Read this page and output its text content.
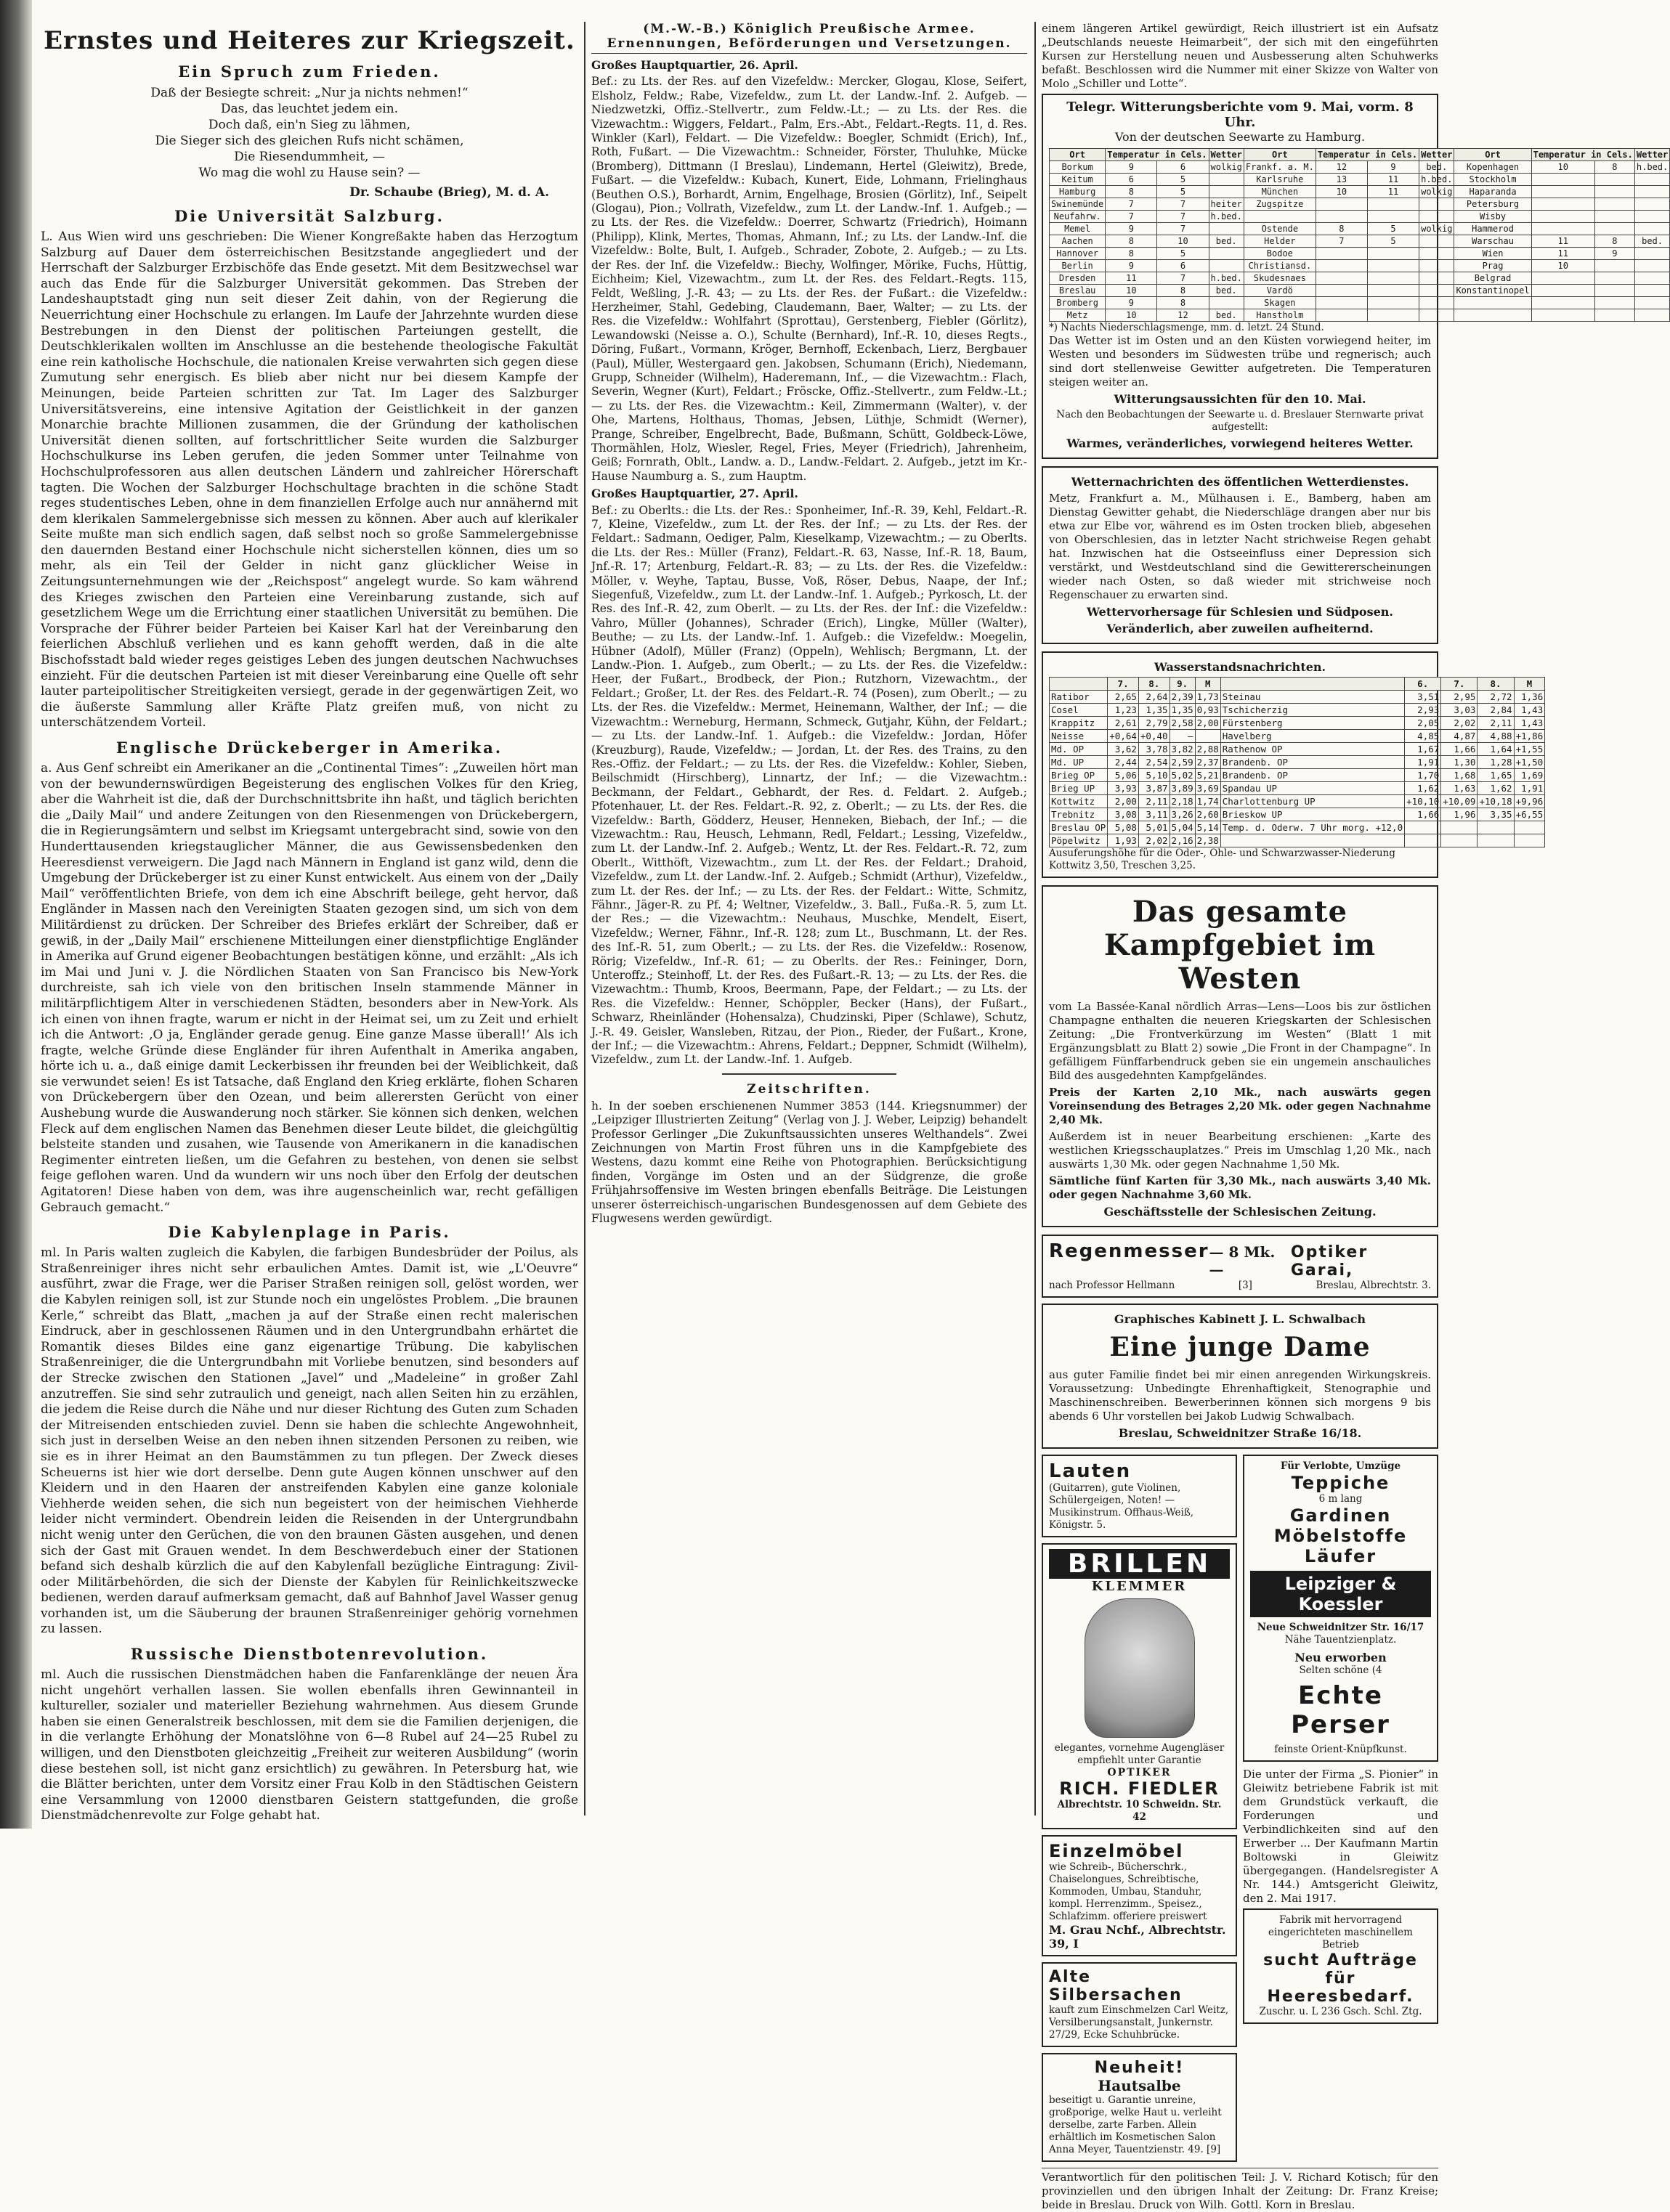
Ernstes und Heiteres zur Kriegszeit.
Ein Spruch zum Frieden.
Daß der Besiegte schreit: „Nur ja nichts nehmen!“
Das, das leuchtet jedem ein.
Doch daß, ein'n Sieg zu lähmen,
Die Sieger sich des gleichen Rufs nicht schämen,
Die Riesendummheit, —
Wo mag die wohl zu Hause sein? —
Dr. Schaube (Brieg), M. d. A.
Die Universität Salzburg.

L. Aus Wien wird uns geschrieben: Die Wiener Kongreßakte haben das Herzogtum Salzburg auf Dauer dem österreichischen Besitzstande angegliedert und der Herrschaft der Salzburger Erzbischöfe das Ende gesetzt. Mit dem Besitzwechsel war auch das Ende für die Salzburger Universität gekommen. Das Streben der Landeshauptstadt ging nun seit dieser Zeit dahin, von der Regierung die Neuerrichtung einer Hochschule zu erlangen. Im Laufe der Jahrzehnte wurden diese Bestrebungen in den Dienst der politischen Parteiungen gestellt, die Deutschklerikalen wollten im Anschlusse an die bestehende theologische Fakultät eine rein katholische Hochschule, die nationalen Kreise verwahrten sich gegen diese Zumutung sehr energisch. Es blieb aber nicht nur bei diesem Kampfe der Meinungen, beide Parteien schritten zur Tat. Im Lager des Salzburger Universitätsvereins, eine intensive Agitation der Geistlichkeit in der ganzen Monarchie brachte Millionen zusammen, die der Gründung der katholischen Universität dienen sollten, auf fortschrittlicher Seite wurden die Salzburger Hochschulkurse ins Leben gerufen, die jeden Sommer unter Teilnahme von Hochschulprofessoren aus allen deutschen Ländern und zahlreicher Hörerschaft tagten. Die Wochen der Salzburger Hochschultage brachten in die schöne Stadt reges studentisches Leben, ohne in dem finanziellen Erfolge auch nur annähernd mit dem klerikalen Sammelergebnisse sich messen zu können. Aber auch auf klerikaler Seite mußte man sich endlich sagen, daß selbst noch so große Sammelergebnisse den dauernden Bestand einer Hochschule nicht sicherstellen können, dies um so mehr, als ein Teil der Gelder in nicht ganz glücklicher Weise in Zeitungsunternehmungen wie der „Reichspost“ angelegt wurde. So kam während des Krieges zwischen den Parteien eine Vereinbarung zustande, sich auf gesetzlichem Wege um die Errichtung einer staatlichen Universität zu bemühen. Die Vorsprache der Führer beider Parteien bei Kaiser Karl hat der Vereinbarung den feierlichen Abschluß verliehen und es kann gehofft werden, daß in die alte Bischofsstadt bald wieder reges geistiges Leben des jungen deutschen Nachwuchses einzieht. Für die deutschen Parteien ist mit dieser Vereinbarung eine Quelle oft sehr lauter parteipolitischer Streitigkeiten versiegt, gerade in der gegenwärtigen Zeit, wo die äußerste Sammlung aller Kräfte Platz greifen muß, von nicht zu unterschätzendem Vorteil.

Englische Drückeberger in Amerika.

a. Aus Genf schreibt ein Amerikaner an die „Continental Times“: „Zuweilen hört man von der bewundernswürdigen Begeisterung des englischen Volkes für den Krieg, aber die Wahrheit ist die, daß der Durchschnittsbrite ihn haßt, und täglich berichten die „Daily Mail“ und andere Zeitungen von den Riesenmengen von Drückebergern, die in Regierungsämtern und selbst im Kriegsamt untergebracht sind, sowie von den Hunderttausenden kriegstauglicher Männer, die aus Gewissensbedenken den Heeresdienst verweigern. Die Jagd nach Männern in England ist ganz wild, denn die Umgebung der Drückeberger ist zu einer Kunst entwickelt. Aus einem von der „Daily Mail“ veröffentlichten Briefe, von dem ich eine Abschrift beilege, geht hervor, daß Engländer in Massen nach den Vereinigten Staaten gezogen sind, um sich von dem Militärdienst zu drücken. Der Schreiber des Briefes erklärt der Schreiber, daß er gewiß, in der „Daily Mail“ erschienene Mitteilungen einer dienstpflichtige Engländer in Amerika auf Grund eigener Beobachtungen bestätigen könne, und erzählt: „Als ich im Mai und Juni v. J. die Nördlichen Staaten von San Francisco bis New-York durchreiste, sah ich viele von den britischen Inseln stammende Männer in militärpflichtigem Alter in verschiedenen Städten, besonders aber in New-York. Als ich einen von ihnen fragte, warum er nicht in der Heimat sei, um zu Zeit und erhielt ich die Antwort: ‚O ja, Engländer gerade genug. Eine ganze Masse überall!‘ Als ich fragte, welche Gründe diese Engländer für ihren Aufenthalt in Amerika angaben, hörte ich u. a., daß einige damit Leckerbissen ihr freunden bei der Weiblichkeit, daß sie verwundet seien! Es ist Tatsache, daß England den Krieg erklärte, flohen Scharen von Drückebergern über den Ozean, und beim allerersten Gerücht von einer Aushebung wurde die Auswanderung noch stärker. Sie können sich denken, welchen Fleck auf dem englischen Namen das Benehmen dieser Leute bildet, die gleichgültig belsteite standen und zusahen, wie Tausende von Amerikanern in die kanadischen Regimenter eintreten ließen, um die Gefahren zu bestehen, von denen sie selbst feige geflohen waren. Und da wundern wir uns noch über den Erfolg der deutschen Agitatoren! Diese haben von dem, was ihre augenscheinlich war, recht gefälligen Gebrauch gemacht.“

Die Kabylenplage in Paris.

ml. In Paris walten zugleich die Kabylen, die farbigen Bundesbrüder der Poilus, als Straßenreiniger ihres nicht sehr erbaulichen Amtes. Damit ist, wie „L'Oeuvre“ ausführt, zwar die Frage, wer die Pariser Straßen reinigen soll, gelöst worden, wer die Kabylen reinigen soll, ist zur Stunde noch ein ungelöstes Problem. „Die braunen Kerle,“ schreibt das Blatt, „machen ja auf der Straße einen recht malerischen Eindruck, aber in geschlossenen Räumen und in den Untergrundbahn erhärtet die Romantik dieses Bildes eine ganz eigenartige Trübung. Die kabylischen Straßenreiniger, die die Untergrundbahn mit Vorliebe benutzen, sind besonders auf der Strecke zwischen den Stationen „Javel“ und „Madeleine“ in großer Zahl anzutreffen. Sie sind sehr zutraulich und geneigt, nach allen Seiten hin zu erzählen, die jedem die Reise durch die Nähe und nur dieser Richtung des Guten zum Schaden der Mitreisenden entschieden zuviel. Denn sie haben die schlechte Angewohnheit, sich just in derselben Weise an den neben ihnen sitzenden Personen zu reiben, wie sie es in ihrer Heimat an den Baumstämmen zu tun pflegen. Der Zweck dieses Scheuerns ist hier wie dort derselbe. Denn gute Augen können unschwer auf den Kleidern und in den Haaren der anstreifenden Kabylen eine ganze koloniale Viehherde weiden sehen, die sich nun begeistert von der heimischen Viehherde leider nicht vermindert. Obendrein leiden die Reisenden in der Untergrundbahn nicht wenig unter den Gerüchen, die von den braunen Gästen ausgehen, und denen sich der Gast mit Grauen wendet. In dem Beschwerdebuch einer der Stationen befand sich deshalb kürzlich die auf den Kabylenfall bezügliche Eintragung: Zivil- oder Militärbehörden, die sich der Dienste der Kabylen für Reinlichkeitszwecke bedienen, werden darauf aufmerksam gemacht, daß auf Bahnhof Javel Wasser genug vorhanden ist, um die Säuberung der braunen Straßenreiniger gehörig vornehmen zu lassen.

Russische Dienstbotenrevolution.

ml. Auch die russischen Dienstmädchen haben die Fanfarenklänge der neuen Ära nicht ungehört verhallen lassen. Sie wollen ebenfalls ihren Gewinnanteil in kultureller, sozialer und materieller Beziehung wahrnehmen. Aus diesem Grunde haben sie einen Generalstreik beschlossen, mit dem sie die Familien derjenigen, die in die verlangte Erhöhung der Monatslöhne von 6—8 Rubel auf 24—25 Rubel zu willigen, und den Dienstboten gleichzeitig „Freiheit zur weiteren Ausbildung“ (worin diese bestehen soll, ist nicht ganz ersichtlich) zu gewähren. In Petersburg hat, wie die Blätter berichten, unter dem Vorsitz einer Frau Kolb in den Städtischen Geistern eine Versammlung von 12000 dienstbaren Geistern stattgefunden, die große Dienstmädchenrevolte zur Folge gehabt hat.

(M.-W.-B.) Königlich Preußische Armee. Ernennungen, Beförderungen und Versetzungen.

Großes Hauptquartier, 26. April.

Bef.: zu Lts. der Res. auf den Vizefeldw.: Mercker, Glogau, Klose, Seifert, Elsholz, Feldw.; Rabe, Vizefeldw., zum Lt. der Landw.-Inf. 2. Aufgeb. — Niedzwetzki, Offiz.-Stellvertr., zum Feldw.-Lt.; — zu Lts. der Res. die Vizewachtm.: Wiggers, Feldart., Palm, Ers.-Abt., Feldart.-Regts. 11, d. Res. Winkler (Karl), Feldart. — Die Vizefeldw.: Boegler, Schmidt (Erich), Inf., Roth, Fußart. — Die Vizewachtm.: Schneider, Förster, Thuluhke, Mücke (Bromberg), Dittmann (I Breslau), Lindemann, Hertel (Gleiwitz), Brede, Fußart. — die Vizefeldw.: Kubach, Kunert, Eide, Lohmann, Frielinghaus (Beuthen O.S.), Borhardt, Arnim, Engelhage, Brosien (Görlitz), Inf., Seipelt (Glogau), Pion.; Vollrath, Vizefeldw., zum Lt. der Landw.-Inf. 1. Aufgeb.; — zu Lts. der Res. die Vizefeldw.: Doerrer, Schwartz (Friedrich), Hoimann (Philipp), Klink, Mertes, Thomas, Ahmann, Inf.; zu Lts. der Landw.-Inf. die Vizefeldw.: Bolte, Bult, I. Aufgeb., Schrader, Zobote, 2. Aufgeb.; — zu Lts. der Res. der Inf. die Vizefeldw.: Biechy, Wolfinger, Mörike, Fuchs, Hüttig, Eichheim; Kiel, Vizewachtm., zum Lt. der Res. des Feldart.-Regts. 115, Feldt, Weßling, J.-R. 43; — zu Lts. der Res. der Fußart.: die Vizefeldw.: Herzheimer, Stahl, Gedebing, Claudemann, Baer, Walter; — zu Lts. der Res. die Vizefeldw.: Wohlfahrt (Sprottau), Gerstenberg, Fiebler (Görlitz), Lewandowski (Neisse a. O.), Schulte (Bernhard), Inf.-R. 10, dieses Regts., Döring, Fußart., Vormann, Kröger, Bernhoff, Eckenbach, Lierz, Bergbauer (Paul), Müller, Westergaard gen. Jakobsen, Schumann (Erich), Niedemann, Grupp, Schneider (Wilhelm), Haderemann, Inf., — die Vizewachtm.: Flach, Severin, Wegner (Kurt), Feldart.; Fröscke, Offiz.-Stellvertr., zum Feldw.-Lt.; — zu Lts. der Res. die Vizewachtm.: Keil, Zimmermann (Walter), v. der Ohe, Martens, Holthaus, Thomas, Jebsen, Lüthje, Schmidt (Werner), Prange, Schreiber, Engelbrecht, Bade, Bußmann, Schütt, Goldbeck-Löwe, Thormählen, Holz, Wiesler, Regel, Fries, Meyer (Friedrich), Jahrenheim, Geiß; Fornrath, Oblt., Landw. a. D., Landw.-Feldart. 2. Aufgeb., jetzt im Kr.-Hause Naumburg a. S., zum Hauptm.

Großes Hauptquartier, 27. April.

Bef.: zu Oberlts.: die Lts. der Res.: Sponheimer, Inf.-R. 39, Kehl, Feldart.-R. 7, Kleine, Vizefeldw., zum Lt. der Res. der Inf.; — zu Lts. der Res. der Feldart.: Sadmann, Oediger, Palm, Kieselkamp, Vizewachtm.; — zu Oberlts. die Lts. der Res.: Müller (Franz), Feldart.-R. 63, Nasse, Inf.-R. 18, Baum, Jnf.-R. 17; Artenburg, Feldart.-R. 83; — zu Lts. der Res. die Vizefeldw.: Möller, v. Weyhe, Taptau, Busse, Voß, Röser, Debus, Naape, der Inf.; Siegenfuß, Vizefeldw., zum Lt. der Landw.-Inf. 1. Aufgeb.; Pyrkosch, Lt. der Res. des Inf.-R. 42, zum Oberlt. — zu Lts. der Res. der Inf.: die Vizefeldw.: Vahro, Müller (Johannes), Schrader (Erich), Lingke, Müller (Walter), Beuthe; — zu Lts. der Landw.-Inf. 1. Aufgeb.: die Vizefeldw.: Moegelin, Hübner (Adolf), Müller (Franz) (Oppeln), Wehlisch; Bergmann, Lt. der Landw.-Pion. 1. Aufgeb., zum Oberlt.; — zu Lts. der Res. die Vizefeldw.: Heer, der Fußart., Brodbeck, der Pion.; Rutzhorn, Vizewachtm., der Feldart.; Großer, Lt. der Res. des Feldart.-R. 74 (Posen), zum Oberlt.; — zu Lts. der Res. die Vizefeldw.: Mermet, Heinemann, Walther, der Inf.; — die Vizewachtm.: Werneburg, Hermann, Schmeck, Gutjahr, Kühn, der Feldart.; — zu Lts. der Landw.-Inf. 1. Aufgeb.: die Vizefeldw.: Jordan, Höfer (Kreuzburg), Raude, Vizefeldw.; — Jordan, Lt. der Res. des Trains, zu den Res.-Offiz. der Feldart.; — zu Lts. der Res. die Vizefeldw.: Kohler, Sieben, Beilschmidt (Hirschberg), Linnartz, der Inf.; — die Vizewachtm.: Beckmann, der Feldart., Gebhardt, der Res. d. Feldart. 2. Aufgeb.; Pfotenhauer, Lt. der Res. Feldart.-R. 92, z. Oberlt.; — zu Lts. der Res. die Vizefeldw.: Barth, Gödderz, Heuser, Henneken, Biebach, der Inf.; — die Vizewachtm.: Rau, Heusch, Lehmann, Redl, Feldart.; Lessing, Vizefeldw., zum Lt. der Landw.-Inf. 2. Aufgeb.; Wentz, Lt. der Res. Feldart.-R. 72, zum Oberlt., Witthöft, Vizewachtm., zum Lt. der Res. der Feldart.; Drahoid, Vizefeldw., zum Lt. der Landw.-Inf. 2. Aufgeb.; Schmidt (Arthur), Vizefeldw., zum Lt. der Res. der Inf.; — zu Lts. der Res. der Feldart.: Witte, Schmitz, Fähnr., Jäger-R. zu Pf. 4; Weltner, Vizefeldw., 3. Ball., Fußa.-R. 5, zum Lt. der Res.; — die Vizewachtm.: Neuhaus, Muschke, Mendelt, Eisert, Vizefeldw.; Werner, Fähnr., Inf.-R. 128; zum Lt., Buschmann, Lt. der Res. des Inf.-R. 51, zum Oberlt.; — zu Lts. der Res. die Vizefeldw.: Rosenow, Rörig; Vizefeldw., Inf.-R. 61; — zu Oberlts. der Res.: Feininger, Dorn, Unteroffz.; Steinhoff, Lt. der Res. des Fußart.-R. 13; — zu Lts. der Res. die Vizewachtm.: Thumb, Kroos, Beermann, Pape, der Feldart.; — zu Lts. der Res. die Vizefeldw.: Henner, Schöppler, Becker (Hans), der Fußart., Schwarz, Rheinländer (Hohensalza), Chudzinski, Piper (Schlawe), Schutz, J.-R. 49. Geisler, Wansleben, Ritzau, der Pion., Rieder, der Fußart., Krone, der Inf.; — die Vizewachtm.: Ahrens, Feldart.; Deppner, Schmidt (Wilhelm), Vizefeldw., zum Lt. der Landw.-Inf. 1. Aufgeb.

Zeitschriften.

h. In der soeben erschienenen Nummer 3853 (144. Kriegsnummer) der „Leipziger Illustrierten Zeitung“ (Verlag von J. J. Weber, Leipzig) behandelt Professor Gerlinger „Die Zukunftsaussichten unseres Welthandels“. Zwei Zeichnungen von Martin Frost führen uns in die Kampfgebiete des Westens, dazu kommt eine Reihe von Photographien. Berücksichtigung finden, Vorgänge im Osten und an der Südgrenze, die große Frühjahrsoffensive im Westen bringen ebenfalls Beiträge. Die Leistungen unserer österreichisch-ungarischen Bundesgenossen auf dem Gebiete des Flugwesens werden gewürdigt.

einem längeren Artikel gewürdigt, Reich illustriert ist ein Aufsatz „Deutschlands neueste Heimarbeit“, der sich mit den eingeführten Kursen zur Herstellung neuen und Ausbesserung alten Schuhwerks befaßt. Beschlossen wird die Nummer mit einer Skizze von Walter von Molo „Schiller und Lotte“.

Telegr. Witterungsberichte vom 9. Mai, vorm. 8 Uhr.
Von der deutschen Seewarte zu Hamburg.
Ort	Temperatur in Cels.		Wetter	Ort	Temperatur in Cels.		Wetter	Ort	Temperatur in Cels.		Wetter
Borkum	9	6	wolkig	Frankf. a. M.	12	9	bed.	Kopenhagen	10	8	h.bed.
Keitum	6	5		Karlsruhe	13	11	h.bed.	Stockholm			
Hamburg	8	5		München	10	11	wolkig	Haparanda			
Swinemünde	7	7	heiter	Zugspitze				Petersburg			
Neufahrw.	7	7	h.bed.					Wisby			
Memel	9	7		Ostende	8	5	wolkig	Hammerod			
Aachen	8	10	bed.	Helder	7	5		Warschau	11	8	bed.
Hannover	8	5		Bodoe				Wien	11	9	
Berlin	9	6		Christiansd.				Prag	10		
Dresden	11	7	h.bed.	Skudesnaes				Belgrad			
Breslau	10	8	bed.	Vardö				Konstantinopel			
Bromberg	9	8		Skagen							
Metz	10	12	bed.	Hanstholm							
*) Nachts Niederschlagsmenge, mm. d. letzt. 24 Stund.

Das Wetter ist im Osten und an den Küsten vorwiegend heiter, im Westen und besonders im Südwesten trübe und regnerisch; auch sind dort stellenweise Gewitter aufgetreten. Die Temperaturen steigen weiter an.

Witterungsaussichten für den 10. Mai.
Nach den Beobachtungen der Seewarte u. d. Breslauer Sternwarte privat aufgestellt:
Warmes, veränderliches, vorwiegend heiteres Wetter.
Wetternachrichten des öffentlichen Wetterdienstes.

Metz, Frankfurt a. M., Mülhausen i. E., Bamberg, haben am Dienstag Gewitter gehabt, die Niederschläge drangen aber nur bis etwa zur Elbe vor, während es im Osten trocken blieb, abgesehen von Oberschlesien, das in letzter Nacht strichweise Regen gehabt hat. Inzwischen hat die Ostseeinfluss einer Depression sich verstärkt, und Westdeutschland sind die Gewittererscheinungen wieder nach Osten, so daß wieder mit strichweise noch Regenschauer zu erwarten sind.

Wettervorhersage für Schlesien und Südposen.
Veränderlich, aber zuweilen aufheiternd.
Wasserstandsnachrichten.
	7.	8.	9.	M		6.	7.	8.	M
Ratibor	2,65	2,64	2,39	1,73	Steinau	3,51	2,95	2,72	1,36
Cosel	1,23	1,35	1,35	0,93	Tschicherzig	2,93	3,03	2,84	1,43
Krappitz	2,61	2,79	2,58	2,00	Fürstenberg	2,05	2,02	2,11	1,43
Neisse	+0,64	+0,40	—		Havelberg	4,85	4,87	4,88	+1,86
Md. OP	3,62	3,78	3,82	2,88	Rathenow OP	1,67	1,66	1,64	+1,55
Md. UP	2,44	2,54	2,59	2,37	Brandenb. OP	1,91	1,30	1,28	+1,50
Brieg OP	5,06	5,10	5,02	5,21	Brandenb. OP	1,70	1,68	1,65	1,69
Brieg UP	3,93	3,87	3,89	3,69	Spandau UP	1,62	1,63	1,62	1,91
Kottwitz	2,00	2,11	2,18	1,74	Charlottenburg UP	+10,10	+10,09	+10,18	+9,96
Trebnitz	3,08	3,11	3,26	2,60	Brieskow UP	1,66	1,96	3,35	+6,55
Breslau OP	5,08	5,01	5,04	5,14	Temp. d. Oderw. 7 Uhr morg. +12,0				
Pöpelwitz	1,93	2,02	2,16	2,38					
Ausuferungshöhe für die Oder-, Ohle- und Schwarzwasser-Niederung Kottwitz 3,50, Treschen 3,25.
Das gesamte Kampfgebiet im Westen

vom La Bassée-Kanal nördlich Arras—Lens—Loos bis zur östlichen Champagne enthalten die neueren Kriegskarten der Schlesischen Zeitung: „Die Frontverkürzung im Westen“ (Blatt 1 mit Ergänzungsblatt zu Blatt 2) sowie „Die Front in der Champagne“. In gefälligem Fünffarbendruck geben sie ein ungemein anschauliches Bild des ausgedehnten Kampfgeländes.

Preis der Karten 2,10 Mk., nach auswärts gegen Voreinsendung des Betrages 2,20 Mk. oder gegen Nachnahme 2,40 Mk.

Außerdem ist in neuer Bearbeitung erschienen: „Karte des westlichen Kriegsschauplatzes.“ Preis im Umschlag 1,20 Mk., nach auswärts 1,30 Mk. oder gegen Nachnahme 1,50 Mk.

Sämtliche fünf Karten für 3,30 Mk., nach auswärts 3,40 Mk. oder gegen Nachnahme 3,60 Mk.

Geschäftsstelle der Schlesischen Zeitung.
Regenmesser — 8 Mk. —
Optiker Garai,
nach Professor Hellmann	[3]	Breslau, Albrechtstr. 3.
Graphisches Kabinett J. L. Schwalbach
Eine junge Dame

aus guter Familie findet bei mir einen anregenden Wirkungskreis. Voraussetzung: Unbedingte Ehrenhaftigkeit, Stenographie und Maschinenschreiben. Bewerberinnen können sich morgens 9 bis abends 6 Uhr vorstellen bei Jakob Ludwig Schwalbach.

Breslau, Schweidnitzer Straße 16/18.
Lauten
(Guitarren), gute Violinen, Schülergeigen, Noten! — Musikinstrum. Offhaus-Weiß, Königstr. 5.
BRILLEN
KLEMMER
elegantes, vornehme Augengläser empfiehlt unter Garantie
OPTIKER
RICH. FIEDLER
Albrechtstr. 10 Schweidn. Str. 42
Einzelmöbel
wie Schreib-, Bücherschrk., Chaiselongues, Schreibtische, Kommoden, Umbau, Standuhr, kompl. Herrenzimm., Speisez., Schlafzimm. offeriere preiswert
M. Grau Nchf., Albrechtstr. 39, I
Alte Silbersachen
kauft zum Einschmelzen Carl Weitz, Versilberungsanstalt, Junkernstr. 27/29, Ecke Schuhbrücke.
Neuheit!
Hautsalbe
beseitigt u. Garantie unreine, großporige, welke Haut u. verleiht derselbe, zarte Farben. Allein erhältlich im Kosmetischen Salon Anna Meyer, Tauentzienstr. 49. [9]
Für Verlobte, Umzüge
Teppiche
6 m lang
Gardinen
Möbelstoffe
Läufer
Leipziger & Koessler
Neue Schweidnitzer Str. 16/17
Nähe Tauentzienplatz.
Neu erworben
Selten schöne (4
Echte Perser
feinste Orient-Knüpfkunst.

Die unter der Firma „S. Pionier“ in Gleiwitz betriebene Fabrik ist mit dem Grundstück verkauft, die Forderungen und Verbindlichkeiten sind auf den Erwerber ... Der Kaufmann Martin Boltowski in Gleiwitz übergegangen. (Handelsregister A Nr. 144.) Amtsgericht Gleiwitz, den 2. Mai 1917.

Fabrik mit hervorragend eingerichteten maschinellem Betrieb
sucht Aufträge für Heeresbedarf.
Zuschr. u. L 236 Gsch. Schl. Ztg.

Verantwortlich für den politischen Teil: J. V. Richard Kotisch; für den provinziellen und den übrigen Inhalt der Zeitung: Dr. Franz Kreise; beide in Breslau. Druck von Wilh. Gottl. Korn in Breslau.
